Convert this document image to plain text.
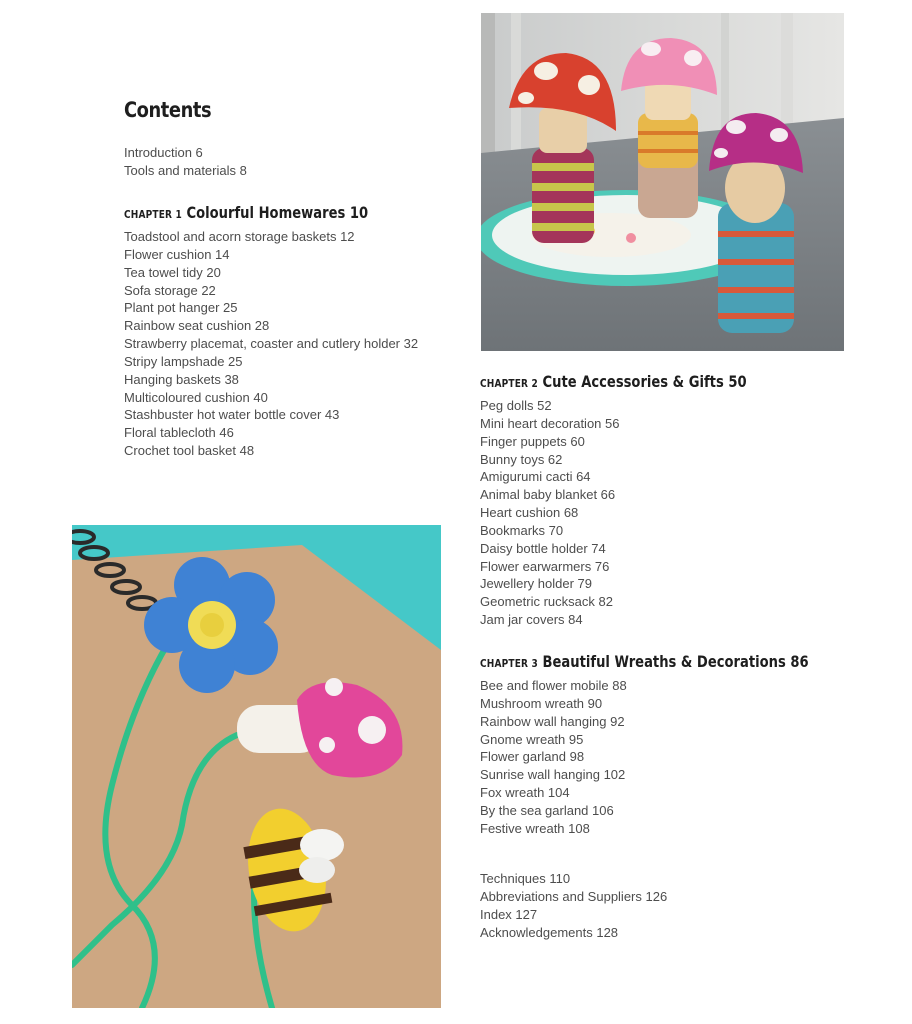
Contents
Introduction 6
Tools and materials 8
CHAPTER 1 Colourful Homewares 10
Toadstool and acorn storage baskets 12
Flower cushion 14
Tea towel tidy 20
Sofa storage 22
Plant pot hanger 25
Rainbow seat cushion 28
Strawberry placemat, coaster and cutlery holder 32
Stripy lampshade 25
Hanging baskets 38
Multicoloured cushion 40
Stashbuster hot water bottle cover 43
Floral tablecloth 46
Crochet tool basket 48
CHAPTER 2 Cute Accessories & Gifts 50
Peg dolls 52
Mini heart decoration 56
Finger puppets 60
Bunny toys 62
Amigurumi cacti 64
Animal baby blanket 66
Heart cushion 68
Bookmarks 70
Daisy bottle holder 74
Flower earwarmers 76
Jewellery holder 79
Geometric rucksack 82
Jam jar covers 84
CHAPTER 3 Beautiful Wreaths & Decorations 86
Bee and flower mobile 88
Mushroom wreath 90
Rainbow wall hanging 92
Gnome wreath 95
Flower garland 98
Sunrise wall hanging 102
Fox wreath 104
By the sea garland 106
Festive wreath 108
Techniques 110
Abbreviations and Suppliers 126
Index 127
Acknowledgements 128
